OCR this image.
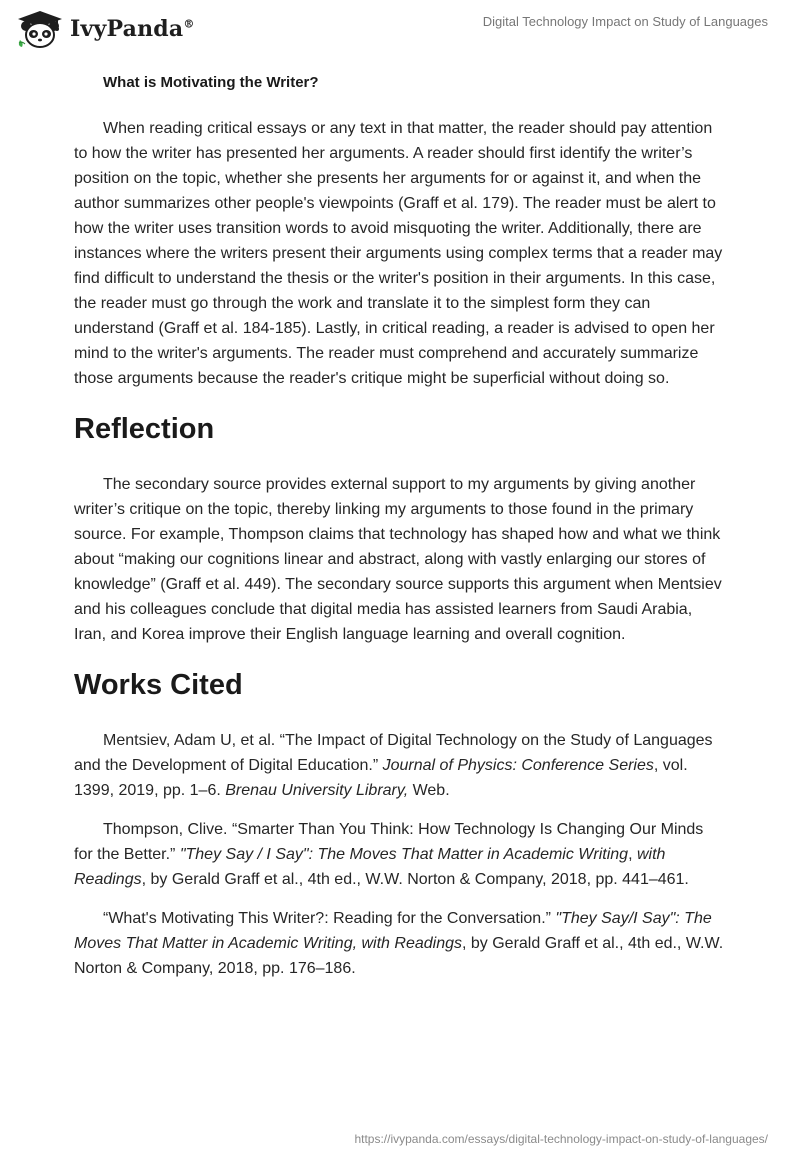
IvyPanda®	Digital Technology Impact on Study of Languages
What is Motivating the Writer?

When reading critical essays or any text in that matter, the reader should pay attention to how the writer has presented her arguments. A reader should first identify the writer’s position on the topic, whether she presents her arguments for or against it, and when the author summarizes other people's viewpoints (Graff et al. 179). The reader must be alert to how the writer uses transition words to avoid misquoting the writer. Additionally, there are instances where the writers present their arguments using complex terms that a reader may find difficult to understand the thesis or the writer's position in their arguments. In this case, the reader must go through the work and translate it to the simplest form they can understand (Graff et al. 184-185). Lastly, in critical reading, a reader is advised to open her mind to the writer's arguments. The reader must comprehend and accurately summarize those arguments because the reader's critique might be superficial without doing so.

Reflection

The secondary source provides external support to my arguments by giving another writer’s critique on the topic, thereby linking my arguments to those found in the primary source. For example, Thompson claims that technology has shaped how and what we think about “making our cognitions linear and abstract, along with vastly enlarging our stores of knowledge” (Graff et al. 449). The secondary source supports this argument when Mentsiev and his colleagues conclude that digital media has assisted learners from Saudi Arabia, Iran, and Korea improve their English language learning and overall cognition.

Works Cited

Mentsiev, Adam U, et al. “The Impact of Digital Technology on the Study of Languages and the Development of Digital Education.” Journal of Physics: Conference Series, vol. 1399, 2019, pp. 1–6. Brenau University Library, Web.

Thompson, Clive. “Smarter Than You Think: How Technology Is Changing Our Minds for the Better.” "They Say / I Say": The Moves That Matter in Academic Writing, with Readings, by Gerald Graff et al., 4th ed., W.W. Norton & Company, 2018, pp. 441–461.

“What's Motivating This Writer?: Reading for the Conversation.” "They Say/I Say": The Moves That Matter in Academic Writing, with Readings, by Gerald Graff et al., 4th ed., W.W. Norton & Company, 2018, pp. 176–186.

https://ivypanda.com/essays/digital-technology-impact-on-study-of-languages/
